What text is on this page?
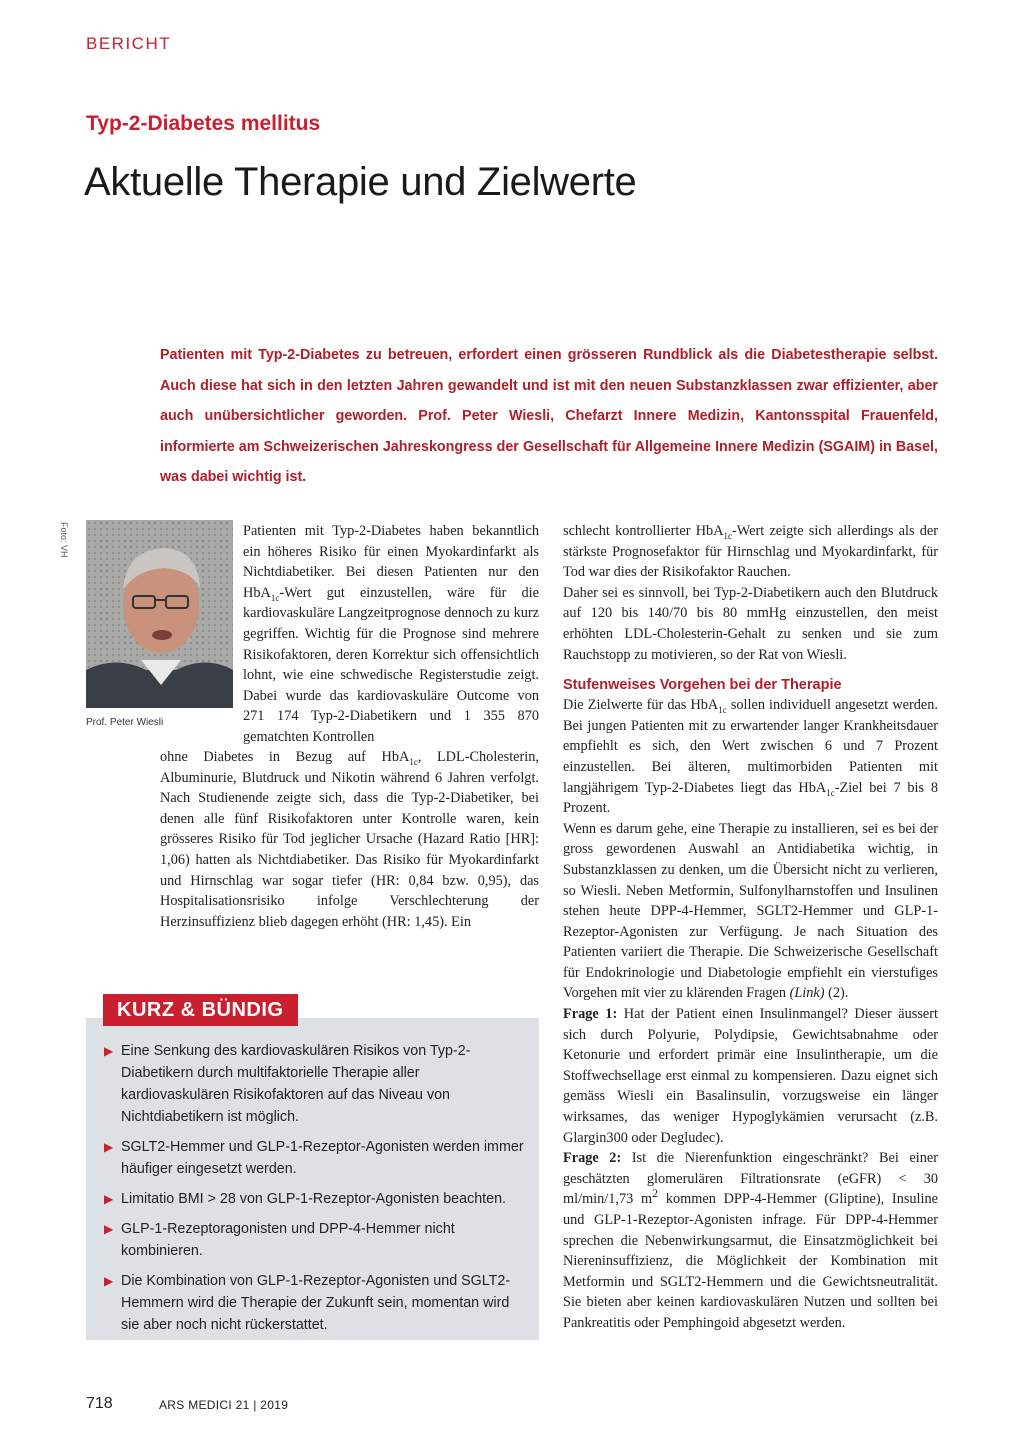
BERICHT
Typ-2-Diabetes mellitus
Aktuelle Therapie und Zielwerte
Patienten mit Typ-2-Diabetes zu betreuen, erfordert einen grösseren Rundblick als die Diabetestherapie selbst. Auch diese hat sich in den letzten Jahren gewandelt und ist mit den neuen Substanzklassen zwar effizienter, aber auch unübersichtlicher geworden. Prof. Peter Wiesli, Chefarzt Innere Medizin, Kantonsspital Frauenfeld, informierte am Schweizerischen Jahreskongress der Gesellschaft für Allgemeine Innere Medizin (SGAIM) in Basel, was dabei wichtig ist.
Foto: VH
Prof. Peter Wiesli

Patienten mit Typ-2-Diabetes haben bekanntlich ein höheres Risiko für einen Myokardinfarkt als Nichtdiabetiker. Bei diesen Patienten nur den HbA$_{1c}$-Wert gut einzustellen, wäre für die kardiovaskuläre Langzeitprognose dennoch zu kurz gegriffen. Wichtig für die Prognose sind mehrere Risikofaktoren, deren Korrektur sich offensichtlich lohnt, wie eine schwedische Registerstudie zeigt. Dabei wurde das kardiovaskuläre Outcome von 271 174 Typ-2-Diabetikern und 1 355 870 gematchten Kontrollen

ohne Diabetes in Bezug auf HbA$_{1c}$, LDL-Cholesterin, Albuminurie, Blutdruck und Nikotin während 6 Jahren verfolgt. Nach Studienende zeigte sich, dass die Typ-2-Diabetiker, bei denen alle fünf Risikofaktoren unter Kontrolle waren, kein grösseres Risiko für Tod jeglicher Ursache (Hazard Ratio [HR]: 1,06) hatten als Nichtdiabetiker. Das Risiko für Myokardinfarkt und Hirnschlag war sogar tiefer (HR: 0,84 bzw. 0,95), das Hospitalisationsrisiko infolge Verschlechterung der Herzinsuffizienz blieb dagegen erhöht (HR: 1,45). Ein

schlecht kontrollierter HbA$_{1c}$-Wert zeigte sich allerdings als der stärkste Prognosefaktor für Hirnschlag und Myokardinfarkt, für Tod war dies der Risikofaktor Rauchen.

Daher sei es sinnvoll, bei Typ-2-Diabetikern auch den Blutdruck auf 120 bis 140/70 bis 80 mmHg einzustellen, den meist erhöhten LDL-Cholesterin-Gehalt zu senken und sie zum Rauchstopp zu motivieren, so der Rat von Wiesli.

Stufenweises Vorgehen bei der Therapie

Die Zielwerte für das HbA$_{1c}$ sollen individuell angesetzt werden. Bei jungen Patienten mit zu erwartender langer Krankheitsdauer empfiehlt es sich, den Wert zwischen 6 und 7 Prozent einzustellen. Bei älteren, multimorbiden Patienten mit langjährigem Typ-2-Diabetes liegt das HbA$_{1c}$-Ziel bei 7 bis 8 Prozent.

Wenn es darum gehe, eine Therapie zu installieren, sei es bei der gross gewordenen Auswahl an Antidiabetika wichtig, in Substanzklassen zu denken, um die Übersicht nicht zu verlieren, so Wiesli. Neben Metformin, Sulfonylharnstoffen und Insulinen stehen heute DPP-4-Hemmer, SGLT2-Hemmer und GLP-1-Rezeptor-Agonisten zur Verfügung. Je nach Situation des Patienten variiert die Therapie. Die Schweizerische Gesellschaft für Endokrinologie und Diabetologie empfiehlt ein vierstufiges Vorgehen mit vier zu klärenden Fragen (Link) (2).

Frage 1: Hat der Patient einen Insulinmangel? Dieser äussert sich durch Polyurie, Polydipsie, Gewichtsabnahme oder Ketonurie und erfordert primär eine Insulintherapie, um die Stoffwechsellage erst einmal zu kompensieren. Dazu eignet sich gemäss Wiesli ein Basalinsulin, vorzugsweise ein länger wirksames, das weniger Hypoglykämien verursacht (z.B. Glargin300 oder Degludec).

Frage 2: Ist die Nierenfunktion eingeschränkt? Bei einer geschätzten glomerulären Filtrationsrate (eGFR) < 30 ml/min/1,73 $m^2$ kommen DPP-4-Hemmer (Gliptine), Insuline und GLP-1-Rezeptor-Agonisten infrage. Für DPP-4-Hemmer sprechen die Nebenwirkungsarmut, die Einsatzmöglichkeit bei Niereninsuffizienz, die Möglichkeit der Kombination mit Metformin und SGLT2-Hemmern und die Gewichtsneutralität. Sie bieten aber keinen kardiovaskulären Nutzen und sollten bei Pankreatitis oder Pemphingoid abgesetzt werden.

KURZ & BÜNDIG
▶ Eine Senkung des kardiovaskulären Risikos von Typ-2-Diabetikern durch multifaktorielle Therapie aller kardiovaskulären Risikofaktoren auf das Niveau von Nichtdiabetikern ist möglich.
▶ SGLT2-Hemmer und GLP-1-Rezeptor-Agonisten werden immer häufiger eingesetzt werden.
▶ Limitatio BMI > 28 von GLP-1-Rezeptor-Agonisten beachten.
▶ GLP-1-Rezeptoragonisten und DPP-4-Hemmer nicht kombinieren.
▶ Die Kombination von GLP-1-Rezeptor-Agonisten und SGLT2-Hemmern wird die Therapie der Zukunft sein, momentan wird sie aber noch nicht rückerstattet.
718	ARS MEDICI 21 | 2019
